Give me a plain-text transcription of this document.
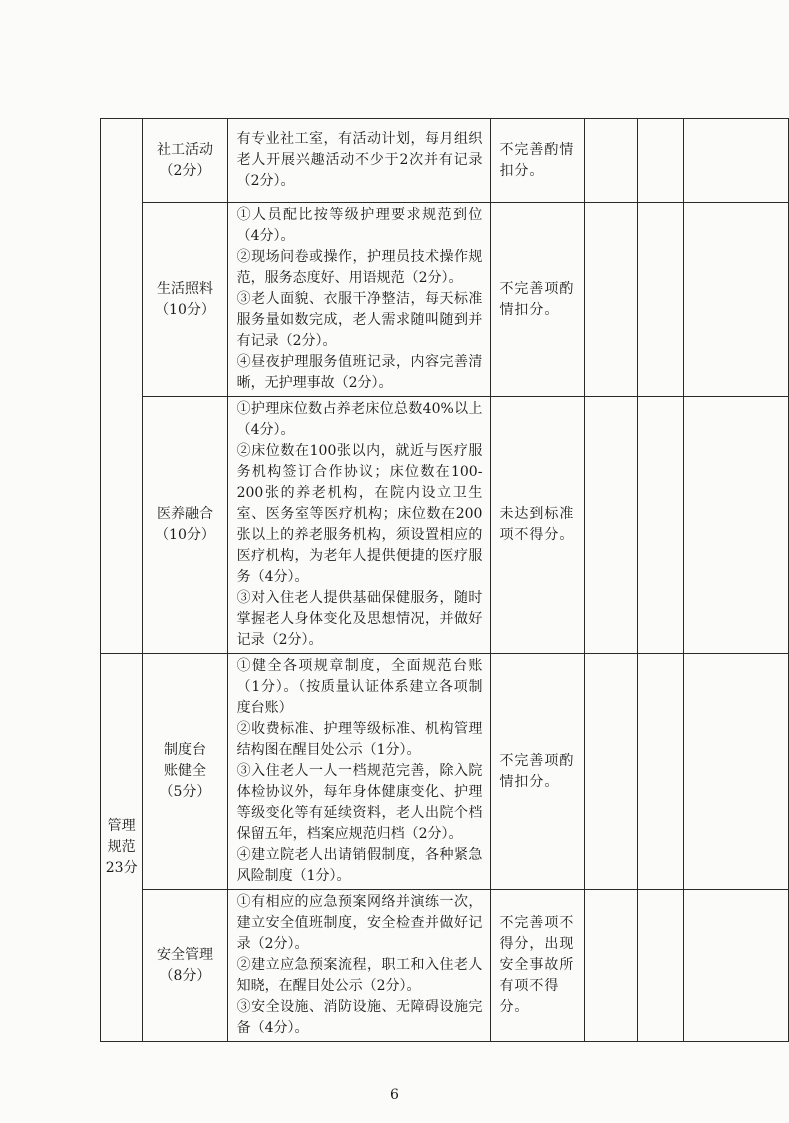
	社工活动
（2分）	有专业社工室，有活动计划，每月组织老人开展兴趣活动不少于2次并有记录（2分）。	不完善酌情扣分。			

	生活照料
（10分）	①人员配比按等级护理要求规范到位（4分）。
②现场问卷或操作，护理员技术操作规范，服务态度好、用语规范（2分）。
③老人面貌、衣服干净整洁，每天标准服务量如数完成，老人需求随叫随到并有记录（2分）。
④昼夜护理服务值班记录，内容完善清晰，无护理事故（2分）。	不完善项酌情扣分。			

	医养融合
（10分）	①护理床位数占养老床位总数40%以上（4分）。
②床位数在100张以内，就近与医疗服务机构签订合作协议；床位数在100-200张的养老机构，在院内设立卫生室、医务室等医疗机构；床位数在200张以上的养老服务机构，须设置相应的医疗机构，为老年人提供便捷的医疗服务（4分）。
③对入住老人提供基础保健服务，随时掌握老人身体变化及思想情况，并做好记录（2分）。	未达到标准项不得分。			

管理规范
23分	制度台账健全
（5分）	①健全各项规章制度，全面规范台账（1分）。（按质量认证体系建立各项制度台账）
②收费标准、护理等级标准、机构管理结构图在醒目处公示（1分）。
③入住老人一人一档规范完善，除入院体检协议外，每年身体健康变化、护理等级变化等有延续资料，老人出院个档保留五年，档案应规范归档（2分）。
④建立院老人出请销假制度，各种紧急风险制度（1分）。	不完善项酌情扣分。			

	安全管理
（8分）	①有相应的应急预案网络并演练一次，建立安全值班制度，安全检查并做好记录（2分）。
②建立应急预案流程，职工和入住老人知晓，在醒目处公示（2分）。
③安全设施、消防设施、无障碍设施完备（4分）。	不完善项不得分，出现安全事故所有项不得分。			

6
